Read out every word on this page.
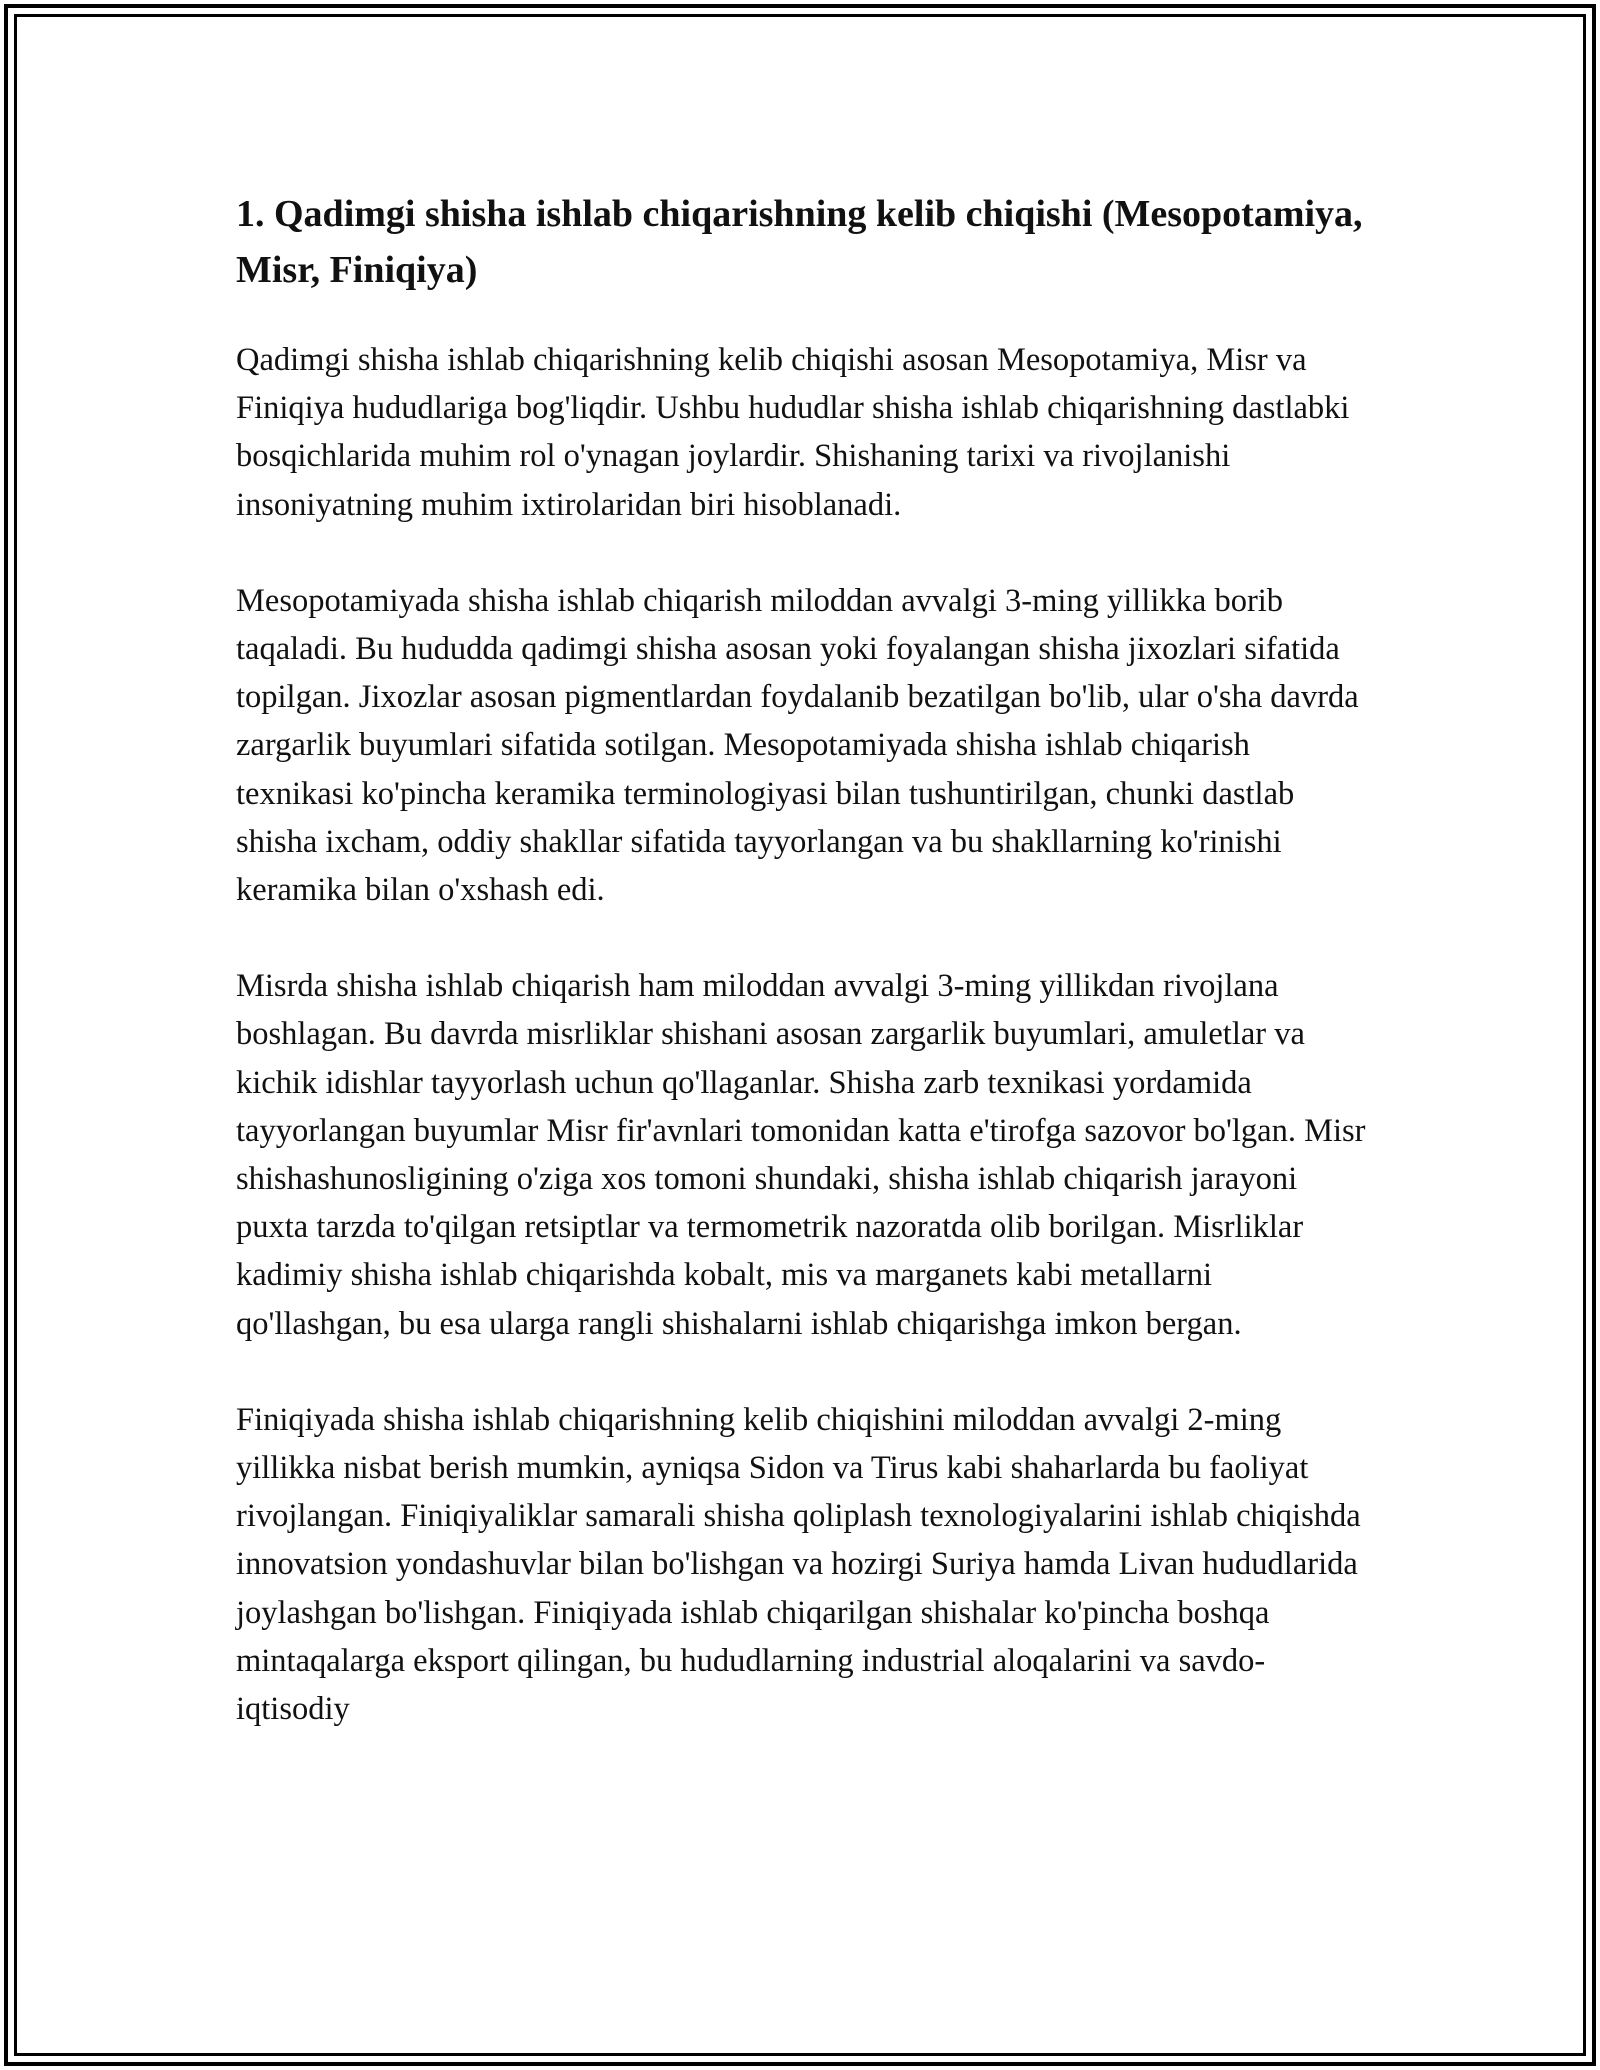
1. Qadimgi shisha ishlab chiqarishning kelib chiqishi (Mesopotamiya, Misr, Finiqiya)

Qadimgi shisha ishlab chiqarishning kelib chiqishi asosan Mesopotamiya, Misr va Finiqiya hududlariga bog'liqdir. Ushbu hududlar shisha ishlab chiqarishning dastlabki bosqichlarida muhim rol o'ynagan joylardir. Shishaning tarixi va rivojlanishi insoniyatning muhim ixtirolaridan biri hisoblanadi.

Mesopotamiyada shisha ishlab chiqarish miloddan avvalgi 3-ming yillikka borib taqaladi. Bu hududda qadimgi shisha asosan yoki foyalangan shisha jixozlari sifatida topilgan. Jixozlar asosan pigmentlardan foydalanib bezatilgan bo'lib, ular o'sha davrda zargarlik buyumlari sifatida sotilgan. Mesopotamiyada shisha ishlab chiqarish texnikasi ko'pincha keramika terminologiyasi bilan tushuntirilgan, chunki dastlab shisha ixcham, oddiy shakllar sifatida tayyorlangan va bu shakllarning ko'rinishi keramika bilan o'xshash edi.

Misrda shisha ishlab chiqarish ham miloddan avvalgi 3-ming yillikdan rivojlana boshlagan. Bu davrda misrliklar shishani asosan zargarlik buyumlari, amuletlar va kichik idishlar tayyorlash uchun qo'llaganlar. Shisha zarb texnikasi yordamida tayyorlangan buyumlar Misr fir'avnlari tomonidan katta e'tirofga sazovor bo'lgan. Misr shishashunosligining o'ziga xos tomoni shundaki, shisha ishlab chiqarish jarayoni puxta tarzda to'qilgan retsiptlar va termometrik nazoratda olib borilgan. Misrliklar kadimiy shisha ishlab chiqarishda kobalt, mis va marganets kabi metallarni qo'llashgan, bu esa ularga rangli shishalarni ishlab chiqarishga imkon bergan.

Finiqiyada shisha ishlab chiqarishning kelib chiqishini miloddan avvalgi 2-ming yillikka nisbat berish mumkin, ayniqsa Sidon va Tirus kabi shaharlarda bu faoliyat rivojlangan. Finiqiyaliklar samarali shisha qoliplash texnologiyalarini ishlab chiqishda innovatsion yondashuvlar bilan bo'lishgan va hozirgi Suriya hamda Livan hududlarida joylashgan bo'lishgan. Finiqiyada ishlab chiqarilgan shishalar ko'pincha boshqa mintaqalarga eksport qilingan, bu hududlarning industrial aloqalarini va savdo-iqtisodiy
